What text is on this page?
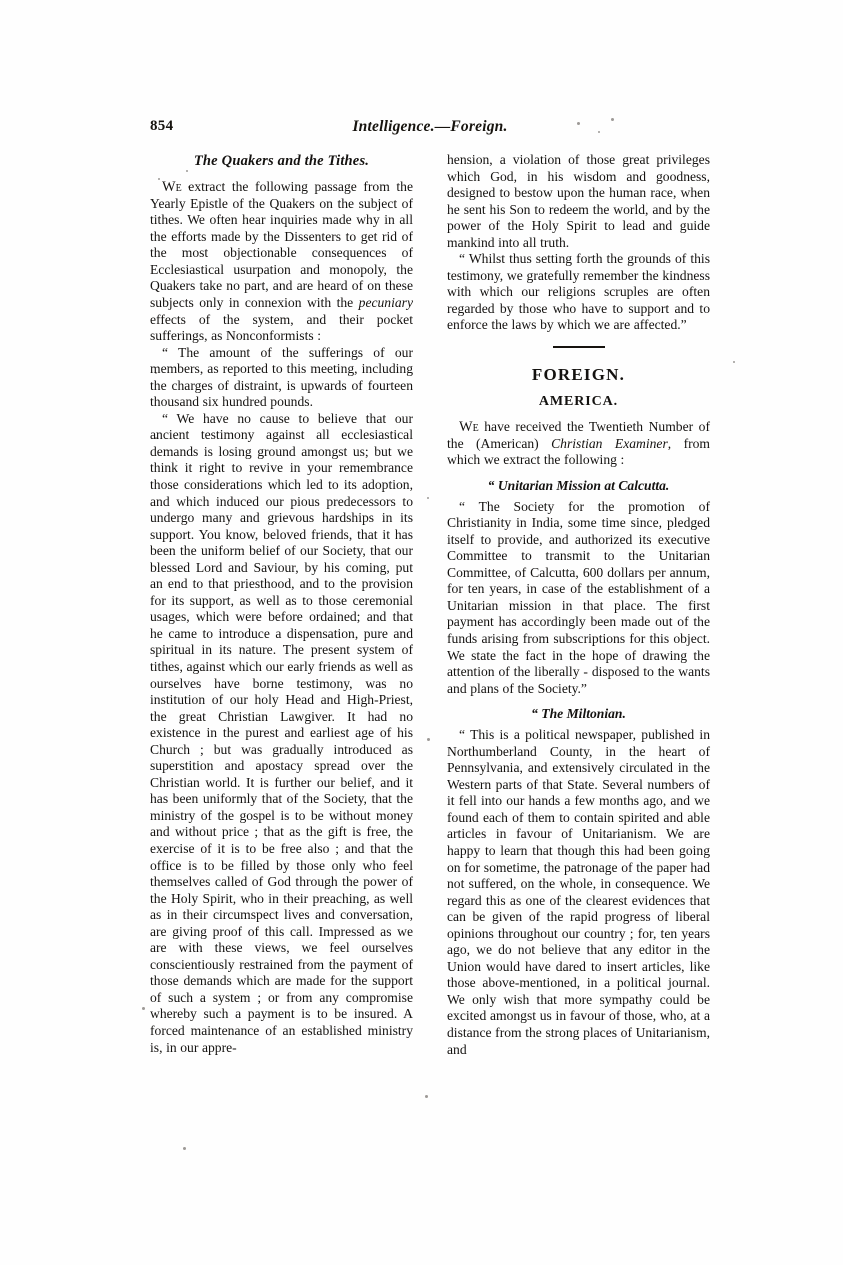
854	Intelligence.—Foreign.
The Quakers and the Tithes.

We extract the following passage from the Yearly Epistle of the Quakers on the subject of tithes. We often hear inquiries made why in all the efforts made by the Dissenters to get rid of the most objectionable consequences of Ecclesiastical usurpation and monopoly, the Quakers take no part, and are heard of on these subjects only in connexion with the pecuniary effects of the system, and their pocket sufferings, as Nonconformists :

“ The amount of the sufferings of our members, as reported to this meeting, including the charges of distraint, is upwards of fourteen thousand six hundred pounds.

“ We have no cause to believe that our ancient testimony against all ecclesiastical demands is losing ground amongst us; but we think it right to revive in your remembrance those considerations which led to its adoption, and which induced our pious predecessors to undergo many and grievous hardships in its support. You know, beloved friends, that it has been the uniform belief of our Society, that our blessed Lord and Saviour, by his coming, put an end to that priesthood, and to the provision for its support, as well as to those ceremonial usages, which were before ordained; and that he came to introduce a dispensation, pure and spiritual in its nature. The present system of tithes, against which our early friends as well as ourselves have borne testimony, was no institution of our holy Head and High-Priest, the great Christian Lawgiver. It had no existence in the purest and earliest age of his Church ; but was gradually introduced as superstition and apostacy spread over the Christian world. It is further our belief, and it has been uniformly that of the Society, that the ministry of the gospel is to be without money and without price ; that as the gift is free, the exercise of it is to be free also ; and that the office is to be filled by those only who feel themselves called of God through the power of the Holy Spirit, who in their preaching, as well as in their circumspect lives and conversation, are giving proof of this call. Impressed as we are with these views, we feel ourselves conscientiously restrained from the payment of those demands which are made for the support of such a system ; or from any compromise whereby such a payment is to be insured. A forced maintenance of an established ministry is, in our appre-

hension, a violation of those great privileges which God, in his wisdom and goodness, designed to bestow upon the human race, when he sent his Son to redeem the world, and by the power of the Holy Spirit to lead and guide mankind into all truth.

“ Whilst thus setting forth the grounds of this testimony, we gratefully remember the kindness with which our religions scruples are often regarded by those who have to support and to enforce the laws by which we are affected.”

FOREIGN.
AMERICA.

We have received the Twentieth Number of the (American) Christian Examiner, from which we extract the following :

“ Unitarian Mission at Calcutta.

“ The Society for the promotion of Christianity in India, some time since, pledged itself to provide, and authorized its executive Committee to transmit to the Unitarian Committee, of Calcutta, 600 dollars per annum, for ten years, in case of the establishment of a Unitarian mission in that place. The first payment has accordingly been made out of the funds arising from subscriptions for this object. We state the fact in the hope of drawing the attention of the liberally - disposed to the wants and plans of the Society.”

“ The Miltonian.

“ This is a political newspaper, published in Northumberland County, in the heart of Pennsylvania, and extensively circulated in the Western parts of that State. Several numbers of it fell into our hands a few months ago, and we found each of them to contain spirited and able articles in favour of Unitarianism. We are happy to learn that though this had been going on for sometime, the patronage of the paper had not suffered, on the whole, in consequence. We regard this as one of the clearest evidences that can be given of the rapid progress of liberal opinions throughout our country ; for, ten years ago, we do not believe that any editor in the Union would have dared to insert articles, like those above-mentioned, in a political journal. We only wish that more sympathy could be excited amongst us in favour of those, who, at a distance from the strong places of Unitarianism, and
